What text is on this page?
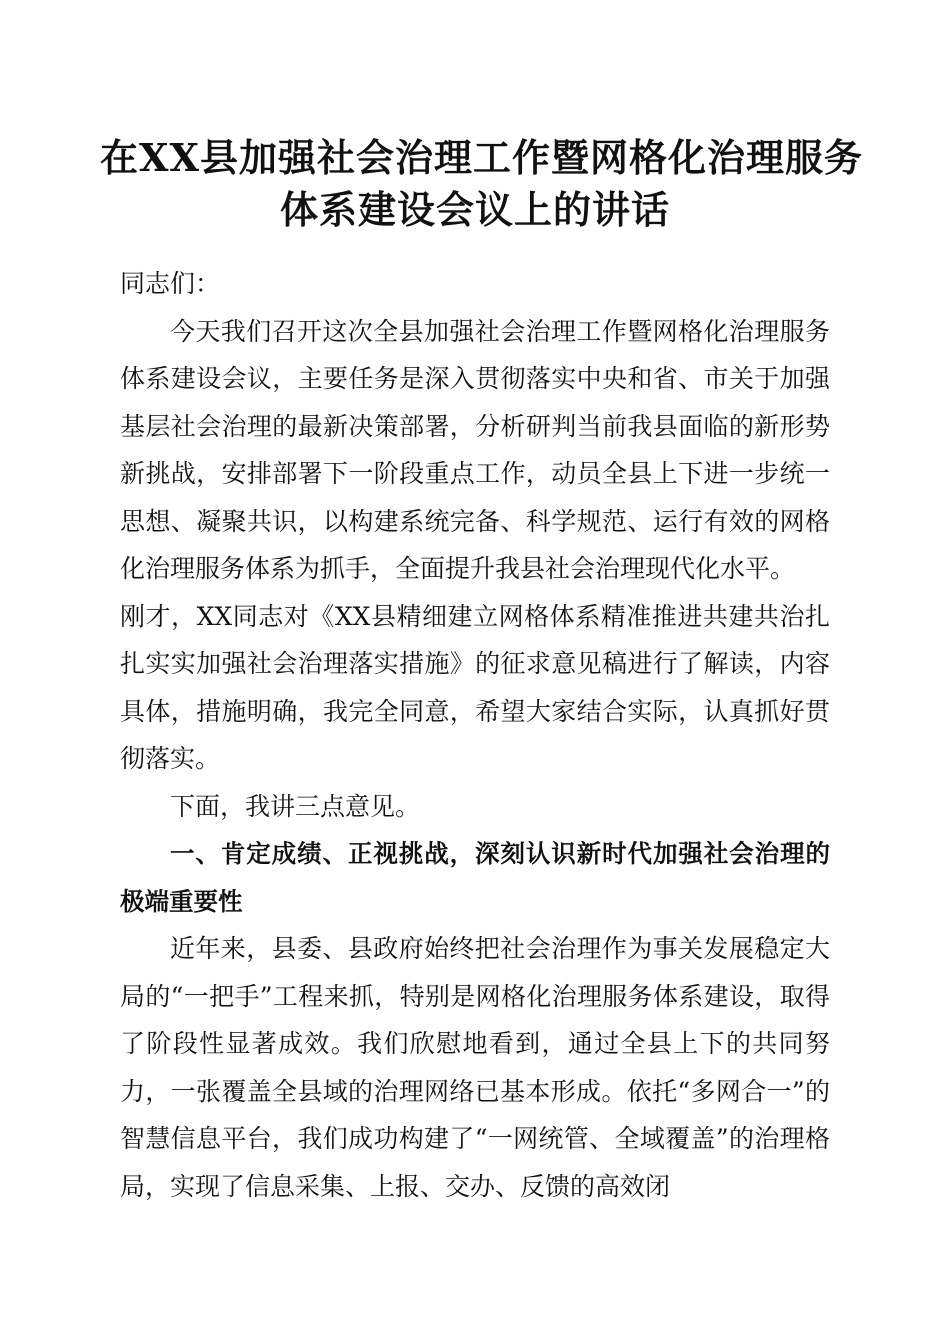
在XX县加强社会治理工作暨网格化治理服务
体系建设会议上的讲话

同志们：

今天我们召开这次全县加强社会治理工作暨网格化治理服务体系建设会议，主要任务是深入贯彻落实中央和省、市关于加强基层社会治理的最新决策部署，分析研判当前我县面临的新形势新挑战，安排部署下一阶段重点工作，动员全县上下进一步统一思想、凝聚共识，以构建系统完备、科学规范、运行有效的网格化治理服务体系为抓手，全面提升我县社会治理现代化水平。

刚才，XX同志对《XX县精细建立网格体系精准推进共建共治扎扎实实加强社会治理落实措施》的征求意见稿进行了解读，内容具体，措施明确，我完全同意，希望大家结合实际，认真抓好贯彻落实。

下面，我讲三点意见。

一、肯定成绩、正视挑战，深刻认识新时代加强社会治理的极端重要性

近年来，县委、县政府始终把社会治理作为事关发展稳定大局的“一把手”工程来抓，特别是网格化治理服务体系建设，取得了阶段性显著成效。我们欣慰地看到，通过全县上下的共同努力，一张覆盖全县域的治理网络已基本形成。依托“多网合一”的智慧信息平台，我们成功构建了“一网统管、全域覆盖”的治理格局，实现了信息采集、上报、交办、反馈的高效闭
